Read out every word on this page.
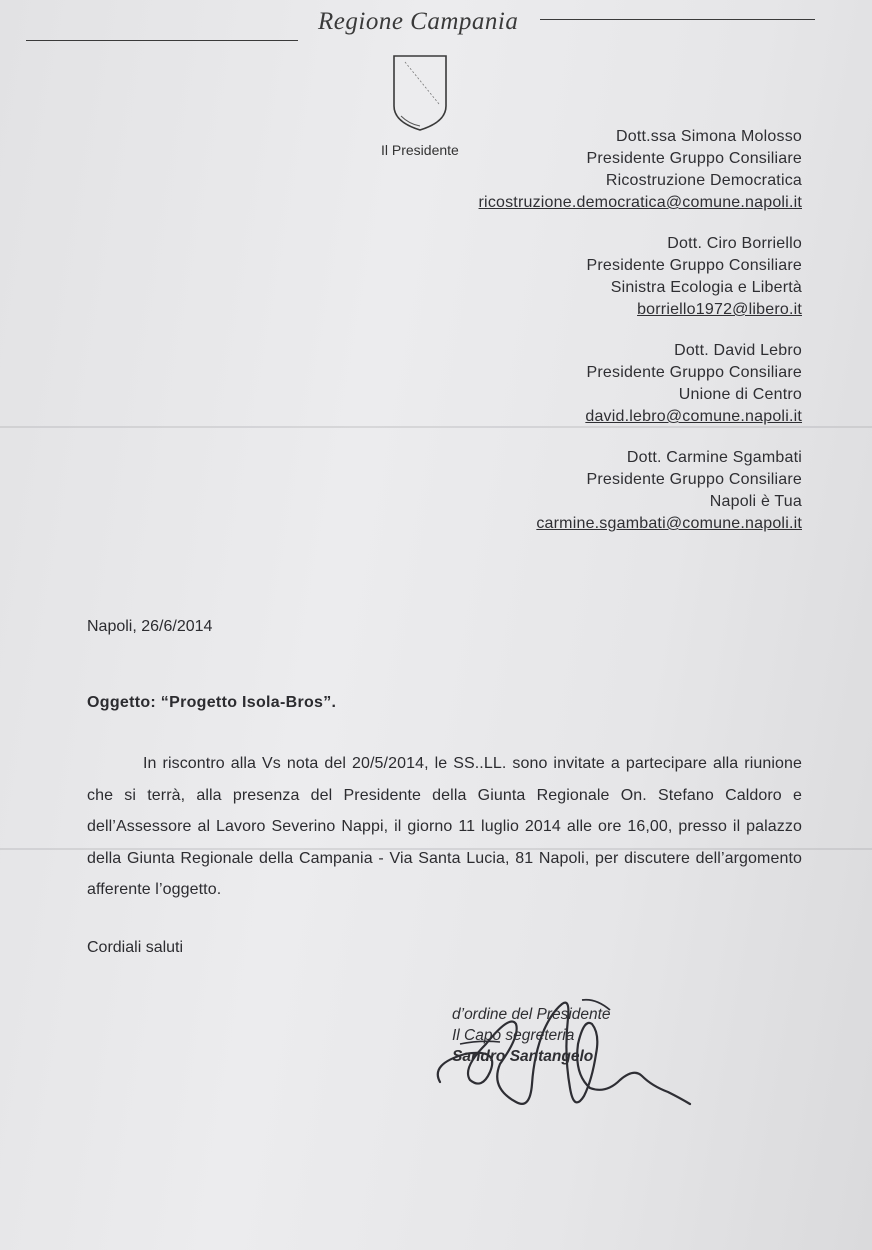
Regione Campania
Il Presidente
Dott.ssa Simona Molosso
Presidente Gruppo Consiliare
Ricostruzione Democratica
ricostruzione.democratica@comune.napoli.it
Dott. Ciro Borriello
Presidente Gruppo Consiliare
Sinistra Ecologia e Libertà
borriello1972@libero.it
Dott. David Lebro
Presidente Gruppo Consiliare
Unione di Centro
david.lebro@comune.napoli.it
Dott. Carmine Sgambati
Presidente Gruppo Consiliare
Napoli è Tua
carmine.sgambati@comune.napoli.it
Napoli, 26/6/2014
Oggetto: “Progetto Isola-Bros”.
In riscontro alla Vs nota del 20/5/2014, le SS..LL. sono invitate a partecipare alla riunione che si terrà, alla presenza del Presidente della Giunta Regionale On. Stefano Caldoro e dell’Assessore al Lavoro Severino Nappi, il giorno 11 luglio 2014 alle ore 16,00, presso il palazzo della Giunta Regionale della Campania - Via Santa Lucia, 81 Napoli, per discutere dell’argomento afferente l’oggetto.
Cordiali saluti
d’ordine del Presidente
Il Capo segreteria
Sandro Santangelo
